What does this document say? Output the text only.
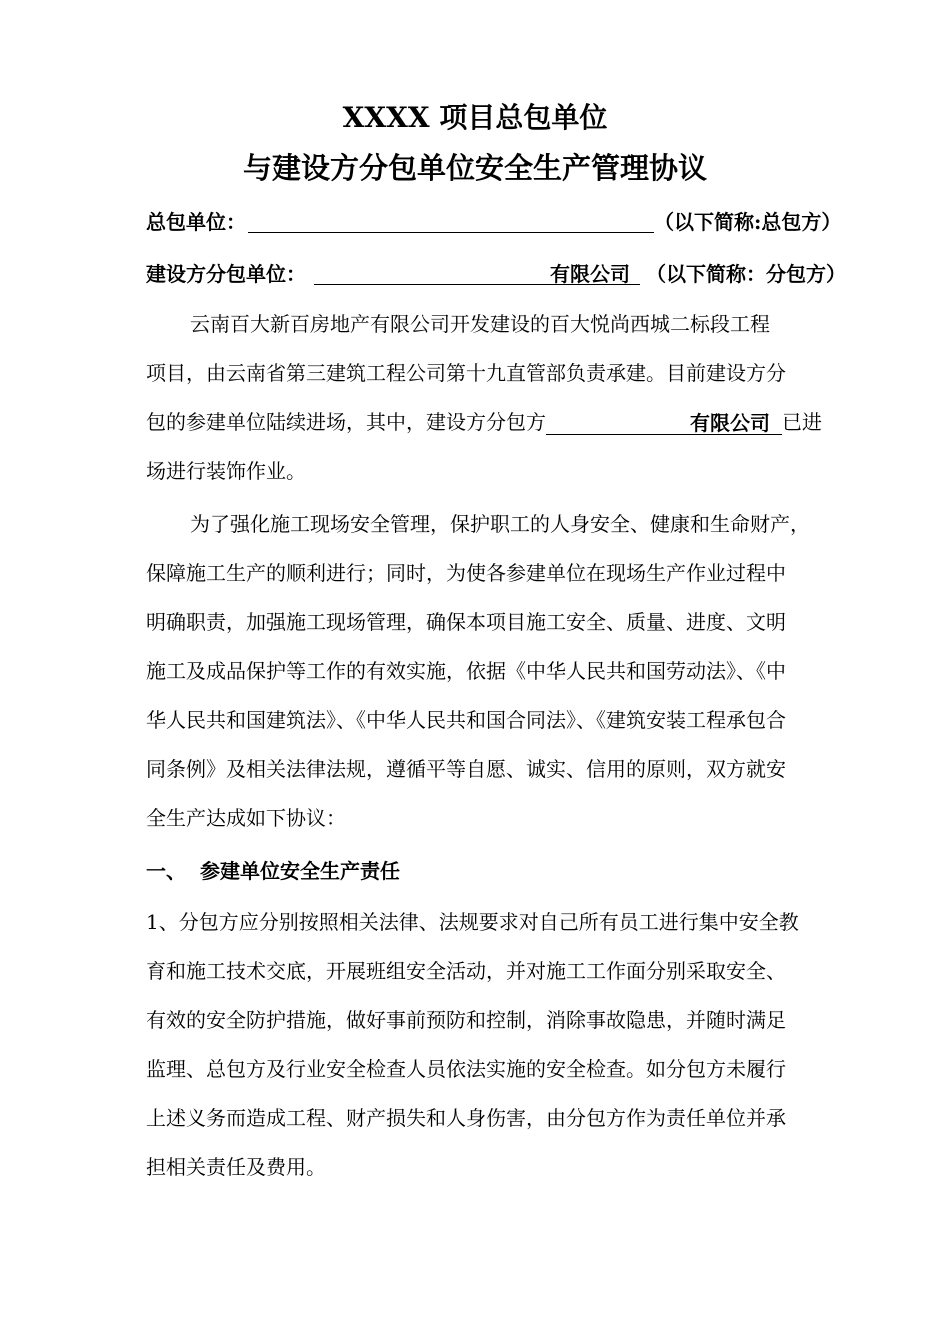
XXXX 项目总包单位
与建设方分包单位安全生产管理协议
总包单位：	（以下简称:总包方）
建设方分包单位：	有限公司 （以下简称：分包方）
云南百大新百房地产有限公司开发建设的百大悦尚西城二标段工程
项目，由云南省第三建筑工程公司第十九直管部负责承建。目前建设方分
包的参建单位陆续进场，其中，建设方分包方	有限公司 已进
场进行装饰作业。
为了强化施工现场安全管理，保护职工的人身安全、健康和生命财产，
保障施工生产的顺利进行；同时，为使各参建单位在现场生产作业过程中
明确职责，加强施工现场管理，确保本项目施工安全、质量、进度、文明
施工及成品保护等工作的有效实施，依据《中华人民共和国劳动法》、《中
华人民共和国建筑法》、《中华人民共和国合同法》、《建筑安装工程承包合
同条例》及相关法律法规，遵循平等自愿、诚实、信用的原则，双方就安
全生产达成如下协议：
一、 参建单位安全生产责任
1、分包方应分别按照相关法律、法规要求对自己所有员工进行集中安全教
育和施工技术交底，开展班组安全活动，并对施工工作面分别采取安全、
有效的安全防护措施，做好事前预防和控制，消除事故隐患，并随时满足
监理、总包方及行业安全检查人员依法实施的安全检查。如分包方未履行
上述义务而造成工程、财产损失和人身伤害，由分包方作为责任单位并承
担相关责任及费用。
